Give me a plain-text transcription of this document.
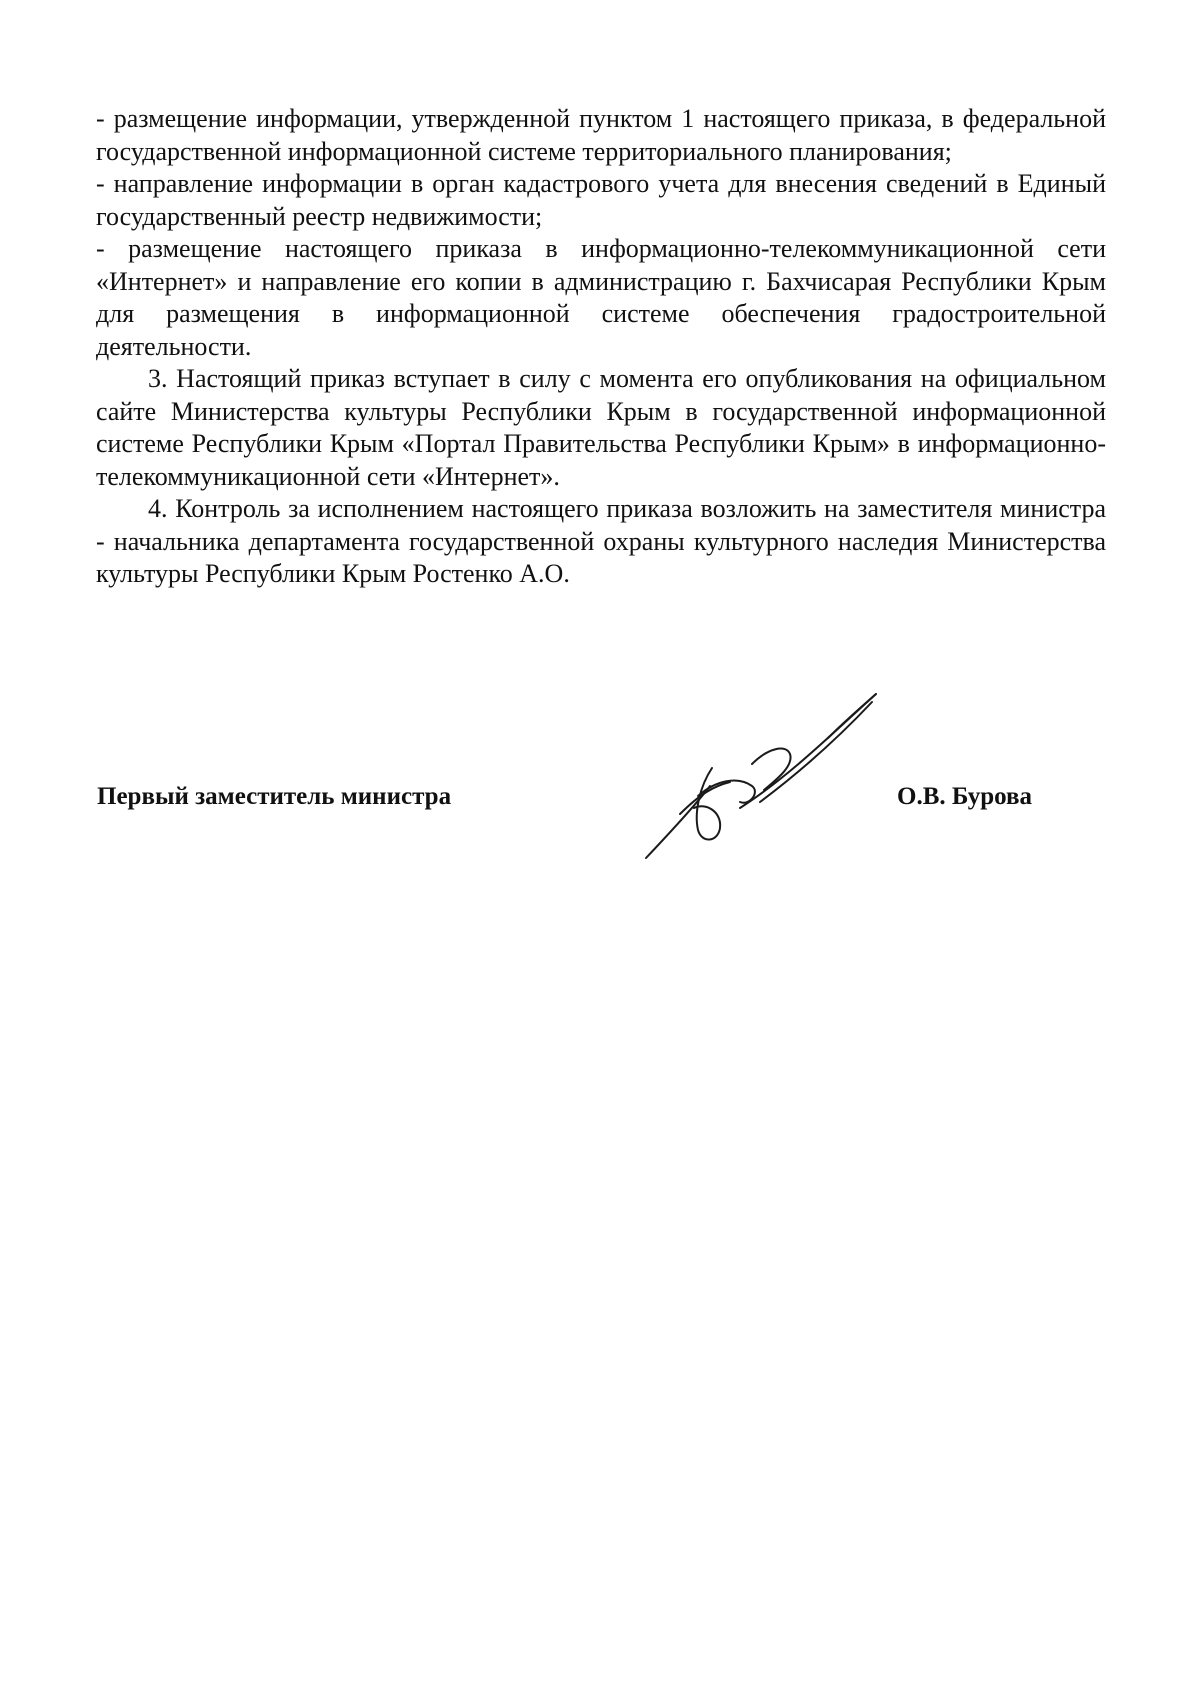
- размещение информации, утвержденной пунктом 1 настоящего приказа, в федеральной государственной информационной системе территориального планирования;

- направление информации в орган кадастрового учета для внесения сведений в Единый государственный реестр недвижимости;

- размещение настоящего приказа в информационно-телекоммуникационной сети «Интернет» и направление его копии в администрацию г. Бахчисарая Республики Крым для размещения в информационной системе обеспечения градостроительной деятельности.

3. Настоящий приказ вступает в силу с момента его опубликования на официальном сайте Министерства культуры Республики Крым в государственной информационной системе Республики Крым «Портал Правительства Республики Крым» в информационно-телекоммуникационной сети «Интернет».

4. Контроль за исполнением настоящего приказа возложить на заместителя министра - начальника департамента государственной охраны культурного наследия Министерства культуры Республики Крым Ростенко А.О.

Первый заместитель министра	О.В. Бурова
